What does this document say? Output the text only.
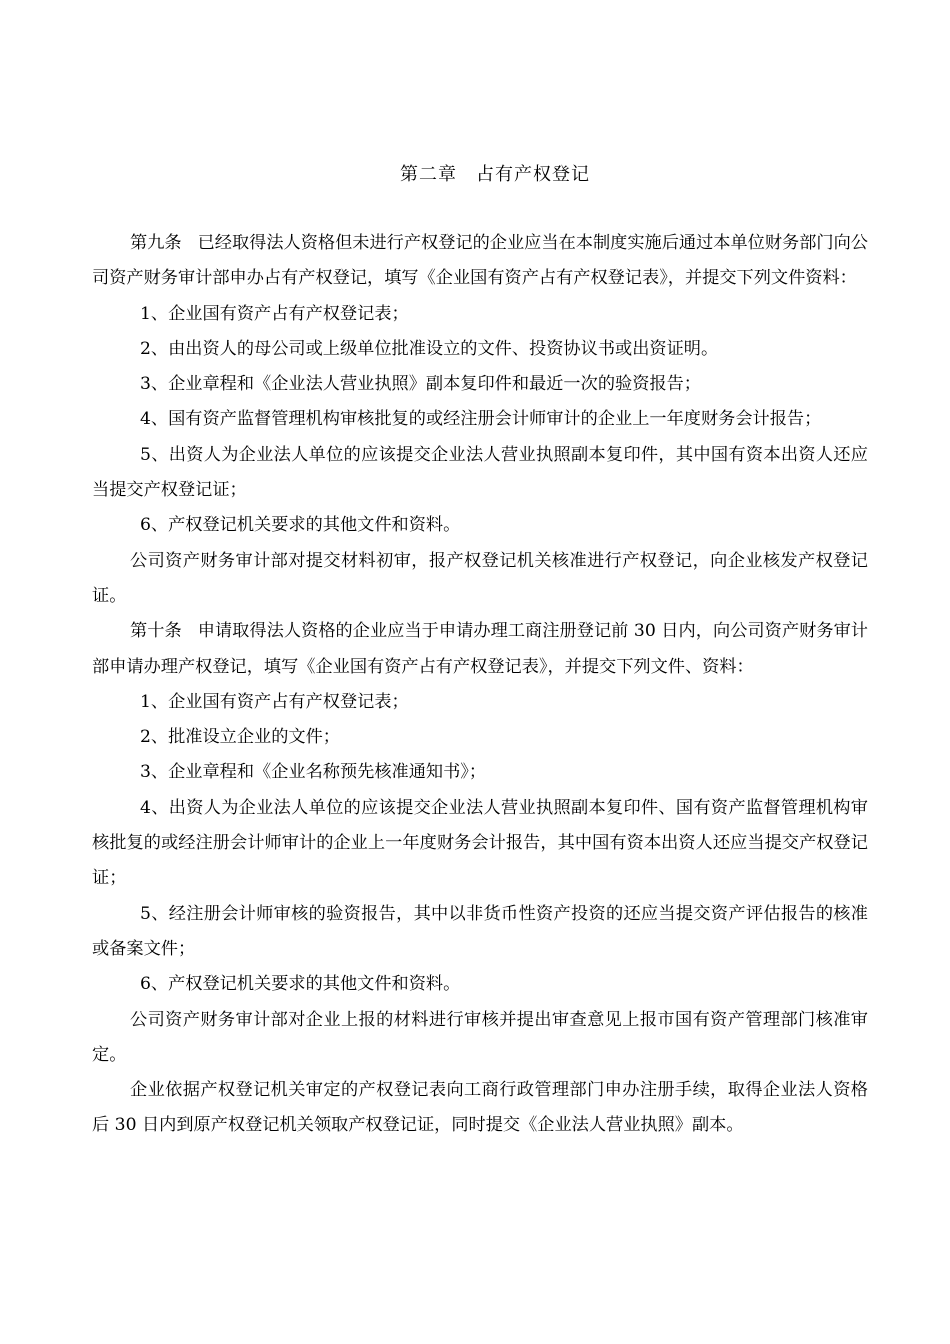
第二章　占有产权登记

第九条 已经取得法人资格但未进行产权登记的企业应当在本制度实施后通过本单位财务部门向公司资产财务审计部申办占有产权登记，填写《企业国有资产占有产权登记表》，并提交下列文件资料：

1、企业国有资产占有产权登记表；

2、由出资人的母公司或上级单位批准设立的文件、投资协议书或出资证明。

3、企业章程和《企业法人营业执照》副本复印件和最近一次的验资报告；

4、国有资产监督管理机构审核批复的或经注册会计师审计的企业上一年度财务会计报告；

5、出资人为企业法人单位的应该提交企业法人营业执照副本复印件，其中国有资本出资人还应当提交产权登记证；

6、产权登记机关要求的其他文件和资料。

公司资产财务审计部对提交材料初审，报产权登记机关核准进行产权登记，向企业核发产权登记证。

第十条 申请取得法人资格的企业应当于申请办理工商注册登记前 30 日内，向公司资产财务审计部申请办理产权登记，填写《企业国有资产占有产权登记表》，并提交下列文件、资料：

1、企业国有资产占有产权登记表；

2、批准设立企业的文件；

3、企业章程和《企业名称预先核准通知书》；

4、出资人为企业法人单位的应该提交企业法人营业执照副本复印件、国有资产监督管理机构审核批复的或经注册会计师审计的企业上一年度财务会计报告，其中国有资本出资人还应当提交产权登记证；

5、经注册会计师审核的验资报告，其中以非货币性资产投资的还应当提交资产评估报告的核准或备案文件；

6、产权登记机关要求的其他文件和资料。

公司资产财务审计部对企业上报的材料进行审核并提出审查意见上报市国有资产管理部门核准审定。

企业依据产权登记机关审定的产权登记表向工商行政管理部门申办注册手续，取得企业法人资格后 30 日内到原产权登记机关领取产权登记证，同时提交《企业法人营业执照》副本。
